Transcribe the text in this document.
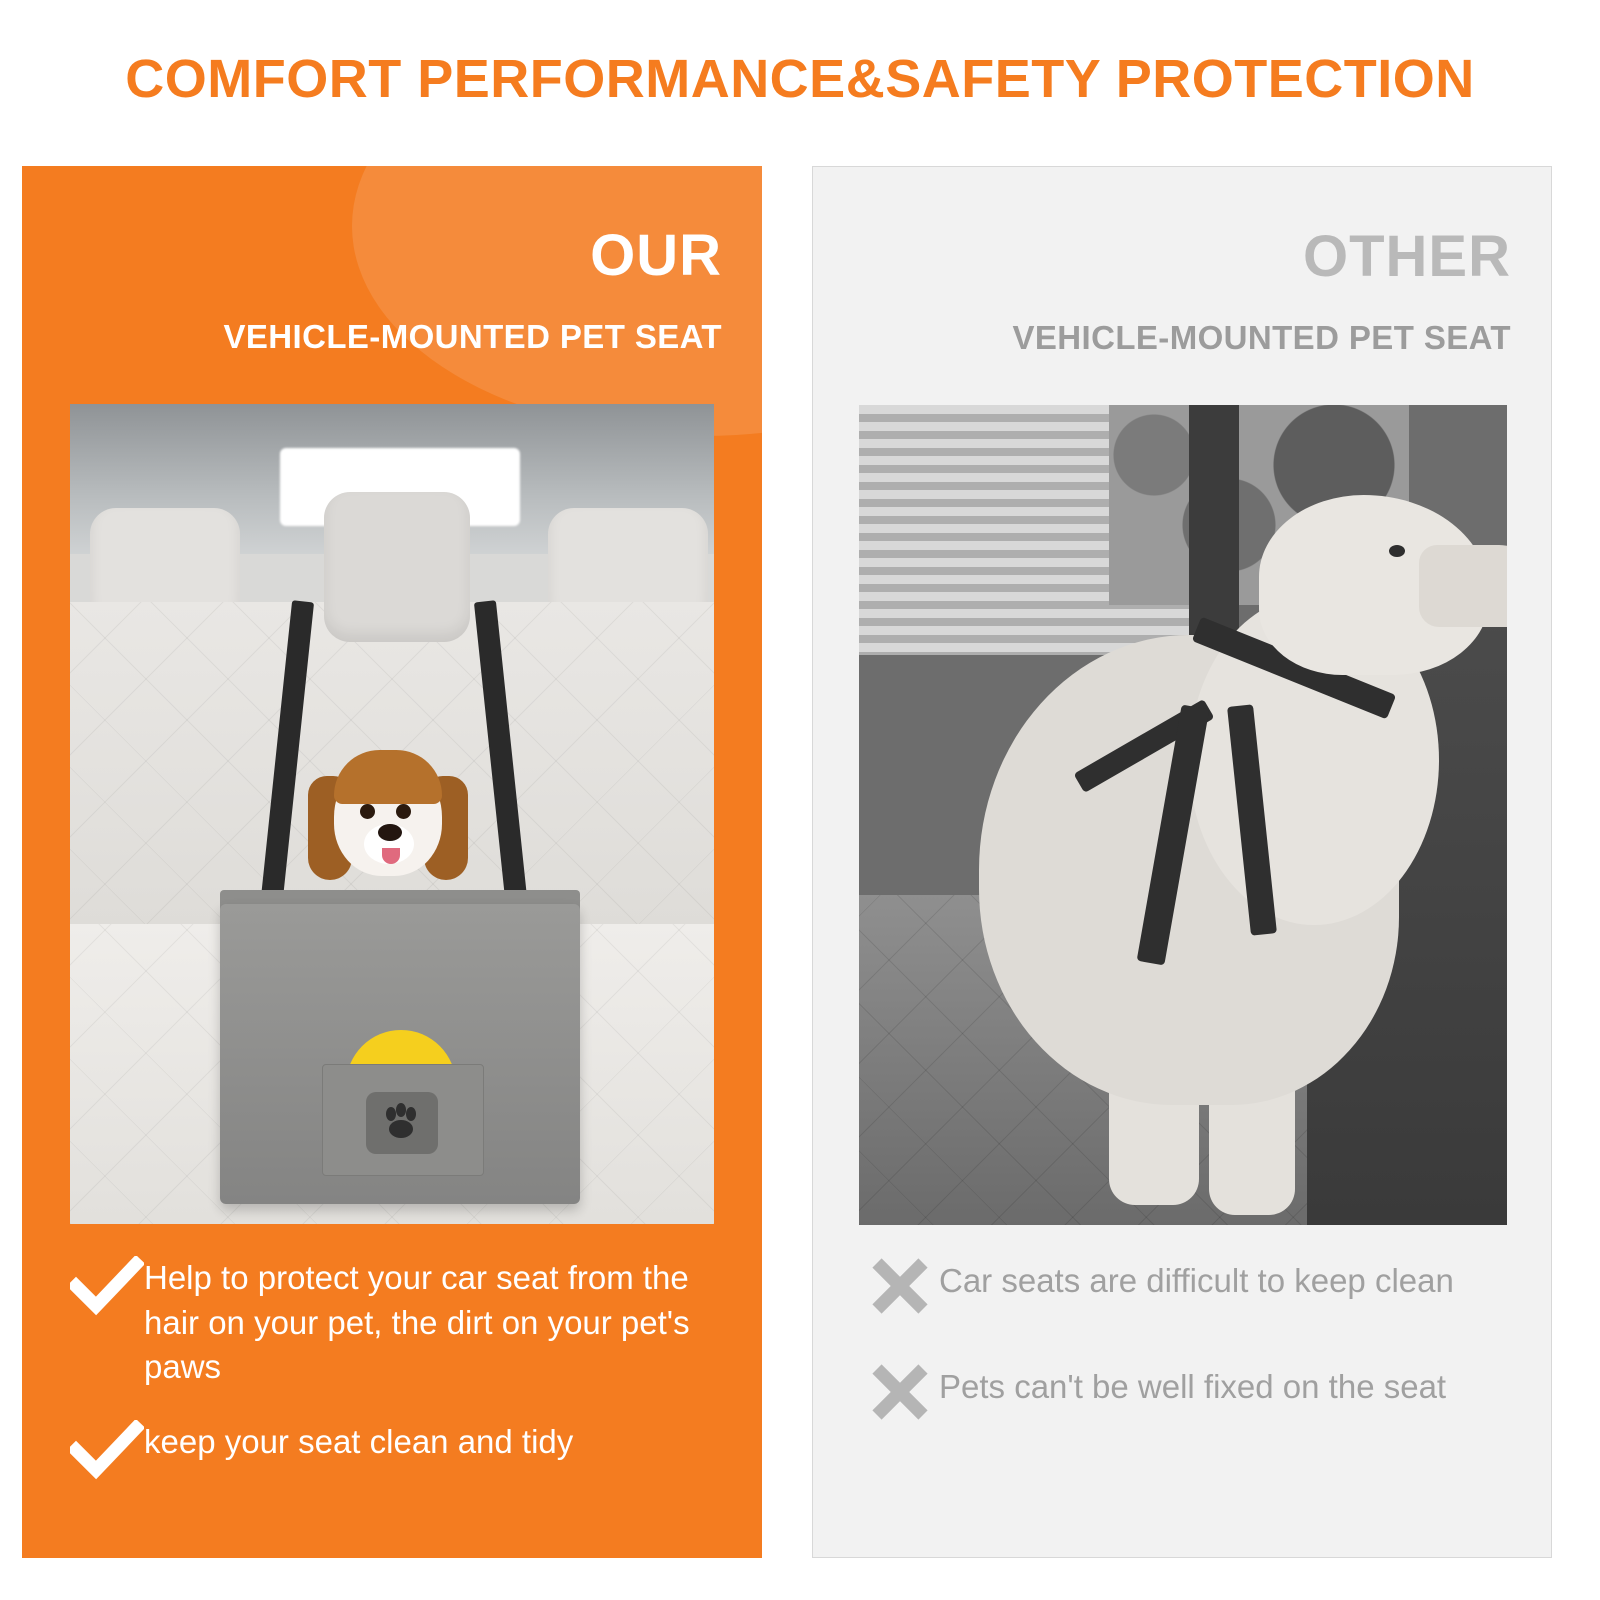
COMFORT PERFORMANCE&SAFETY PROTECTION
OUR
VEHICLE-MOUNTED PET SEAT
Help to protect your car seat from the hair on your pet, the dirt on your pet's paws
keep your seat clean and tidy
OTHER
VEHICLE-MOUNTED PET SEAT
Car seats are difficult to keep clean
Pets can't be well fixed on the seat
